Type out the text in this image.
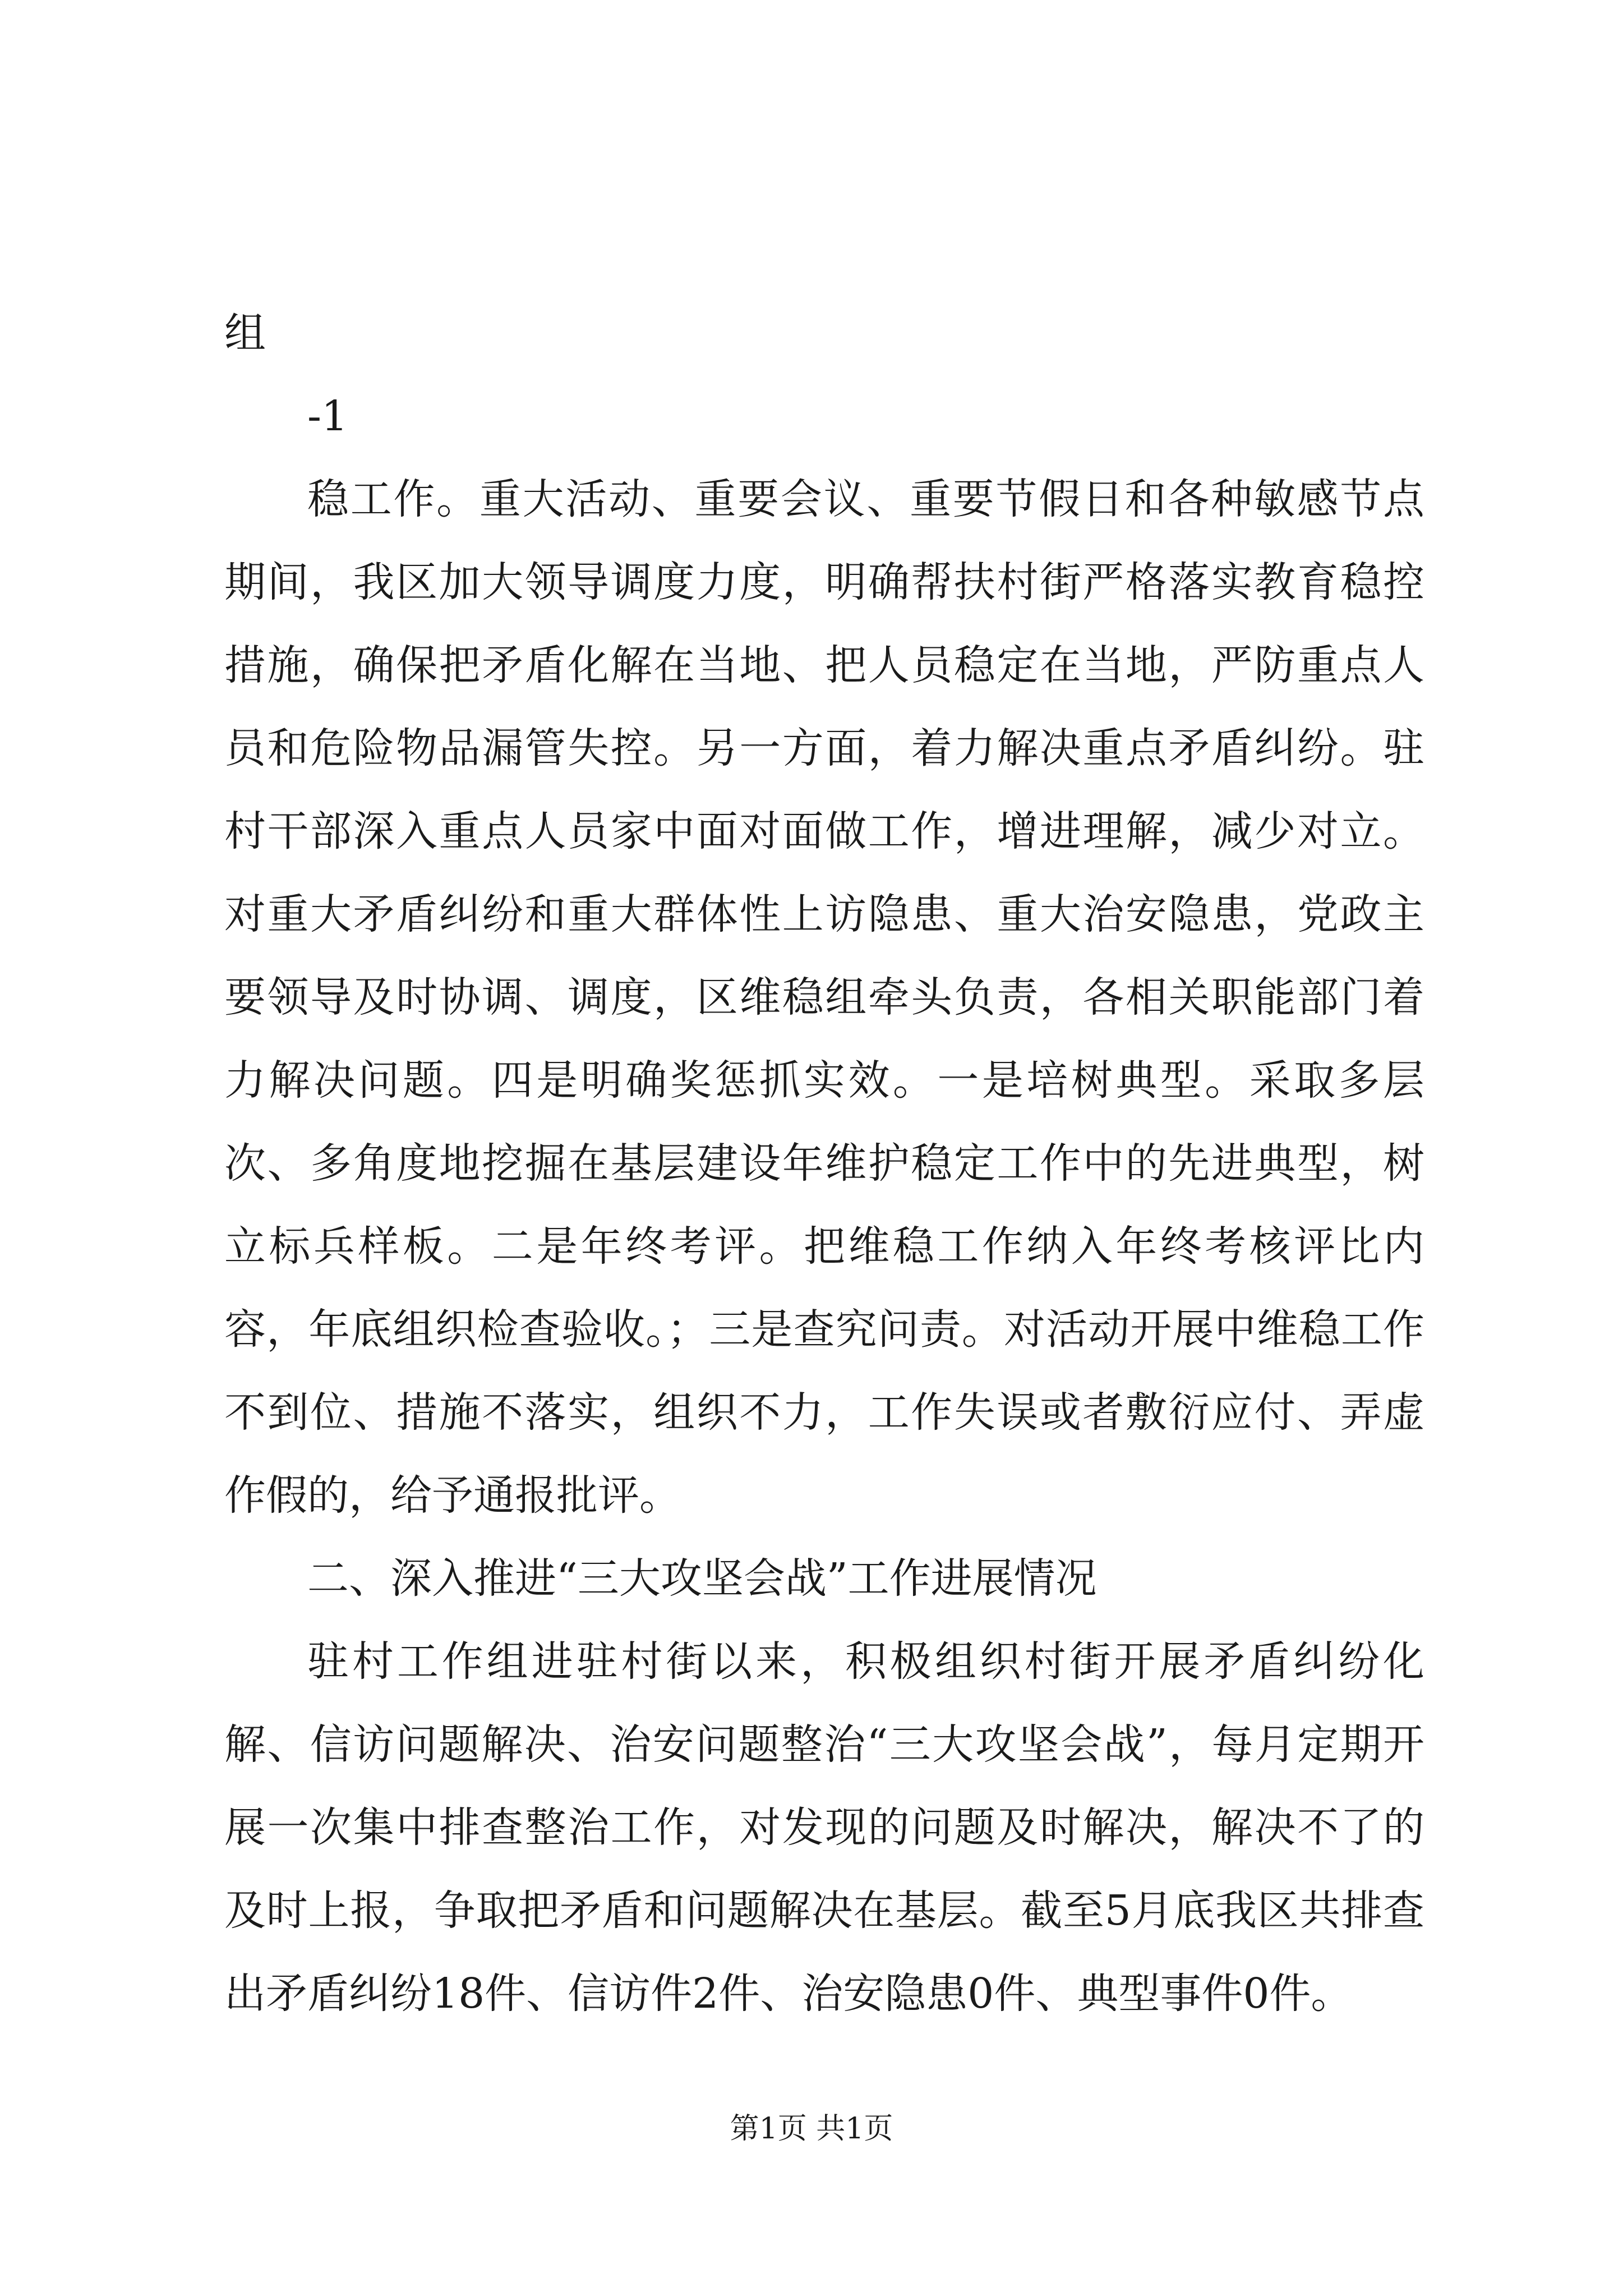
组

-1

稳工作。重大活动、重要会议、重要节假日和各种敏感节点期间，我区加大领导调度力度，明确帮扶村街严格落实教育稳控措施，确保把矛盾化解在当地、把人员稳定在当地，严防重点人员和危险物品漏管失控。另一方面，着力解决重点矛盾纠纷。驻村干部深入重点人员家中面对面做工作，增进理解，减少对立。对重大矛盾纠纷和重大群体性上访隐患、重大治安隐患，党政主要领导及时协调、调度，区维稳组牵头负责，各相关职能部门着力解决问题。四是明确奖惩抓实效。一是培树典型。采取多层次、多角度地挖掘在基层建设年维护稳定工作中的先进典型，树立标兵样板。二是年终考评。把维稳工作纳入年终考核评比内容，年底组织检查验收。；三是查究问责。对活动开展中维稳工作不到位、措施不落实，组织不力，工作失误或者敷衍应付、弄虚作假的，给予通报批评。

二、深入推进“三大攻坚会战”工作进展情况

驻村工作组进驻村街以来，积极组织村街开展矛盾纠纷化解、信访问题解决、治安问题整治“三大攻坚会战”，每月定期开展一次集中排查整治工作，对发现的问题及时解决，解决不了的及时上报，争取把矛盾和问题解决在基层。截至5月底我区共排查出矛盾纠纷18件、信访件2件、治安隐患0件、典型事件0件。

第1页 共1页
